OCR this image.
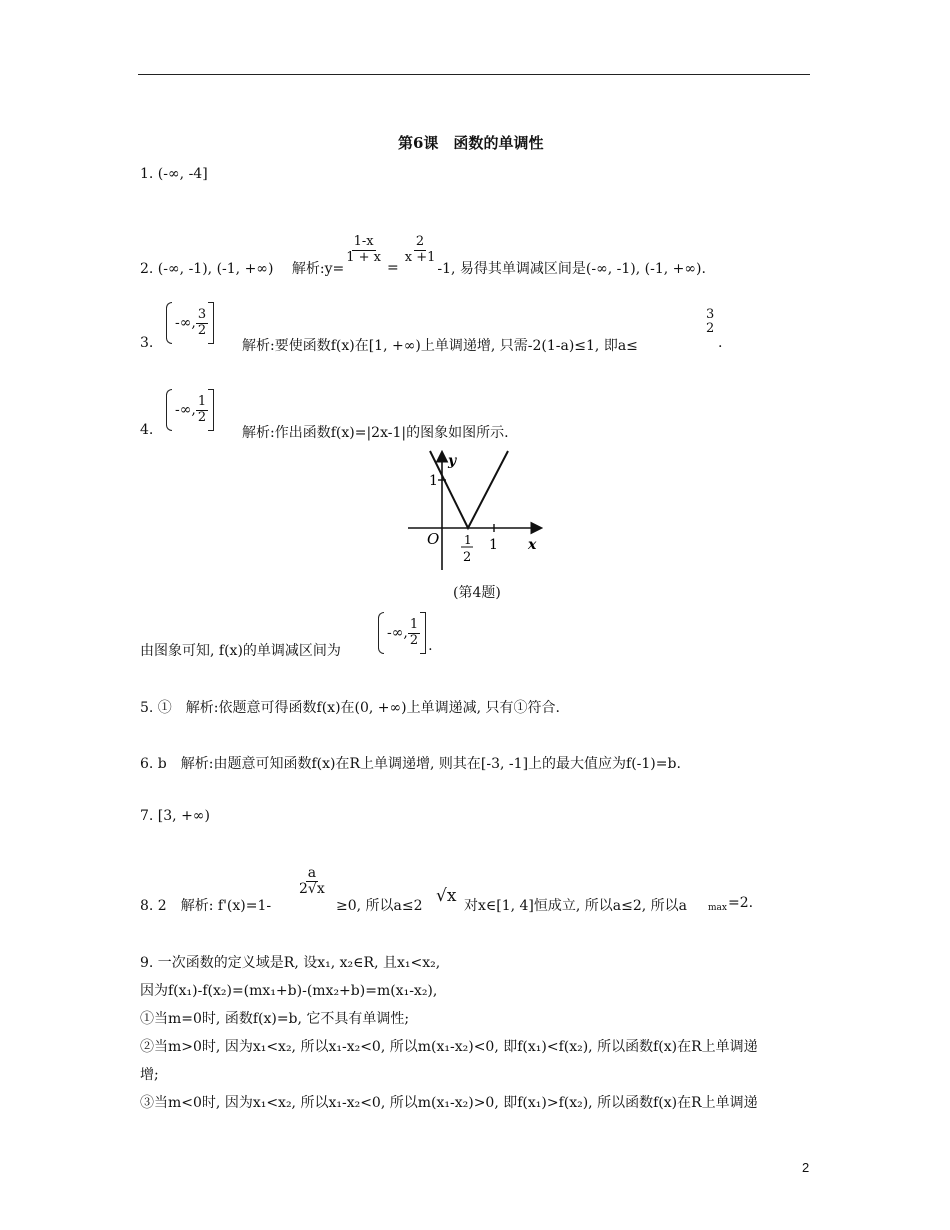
第6课　函数的单调性
1. (-∞, -4]
2. (-∞, -1), (-1, +∞)　 解析:y=
$\frac{1-x}{1 + x}$
=
$\frac{2}{x +1}$
-1, 易得其单调减区间是(-∞, -1), (-1, +∞).
3.
-∞, $\frac{3}{2}$
解析:要使函数f(x)在[1, +∞)上单调递增, 只需-2(1-a)≤1, 即a≤
3
2
.
4.
-∞, $\frac{1}{2}$
解析:作出函数f(x)=|2x-1|的图象如图所示.
y
x
O
1
1
1
2
(第4题)
由图象可知, f(x)的单调减区间为
-∞, $\frac{1}{2}$ .
5. ①　解析:依题意可得函数f(x)在(0, +∞)上单调递减, 只有①符合.
6. b　解析:由题意可知函数f(x)在R上单调递增, 则其在[-3, -1]上的最大值应为f(-1)=b.
7. [3, +∞)
8. 2　解析: f'(x)=1-
$\frac{a}{2√x}$
≥0, 所以a≤2 √x 对x∈[1, 4]恒成立, 所以a≤2, 所以a max =2.
9. 一次函数的定义域是R, 设x₁, x₂∈R, 且x₁<x₂,
因为f(x₁)-f(x₂)=(mx₁+b)-(mx₂+b)=m(x₁-x₂),
①当m=0时, 函数f(x)=b, 它不具有单调性;
②当m>0时, 因为x₁<x₂, 所以x₁-x₂<0, 所以m(x₁-x₂)<0, 即f(x₁)<f(x₂), 所以函数f(x)在R上单调递
增;
③当m<0时, 因为x₁<x₂, 所以x₁-x₂<0, 所以m(x₁-x₂)>0, 即f(x₁)>f(x₂), 所以函数f(x)在R上单调递
2
